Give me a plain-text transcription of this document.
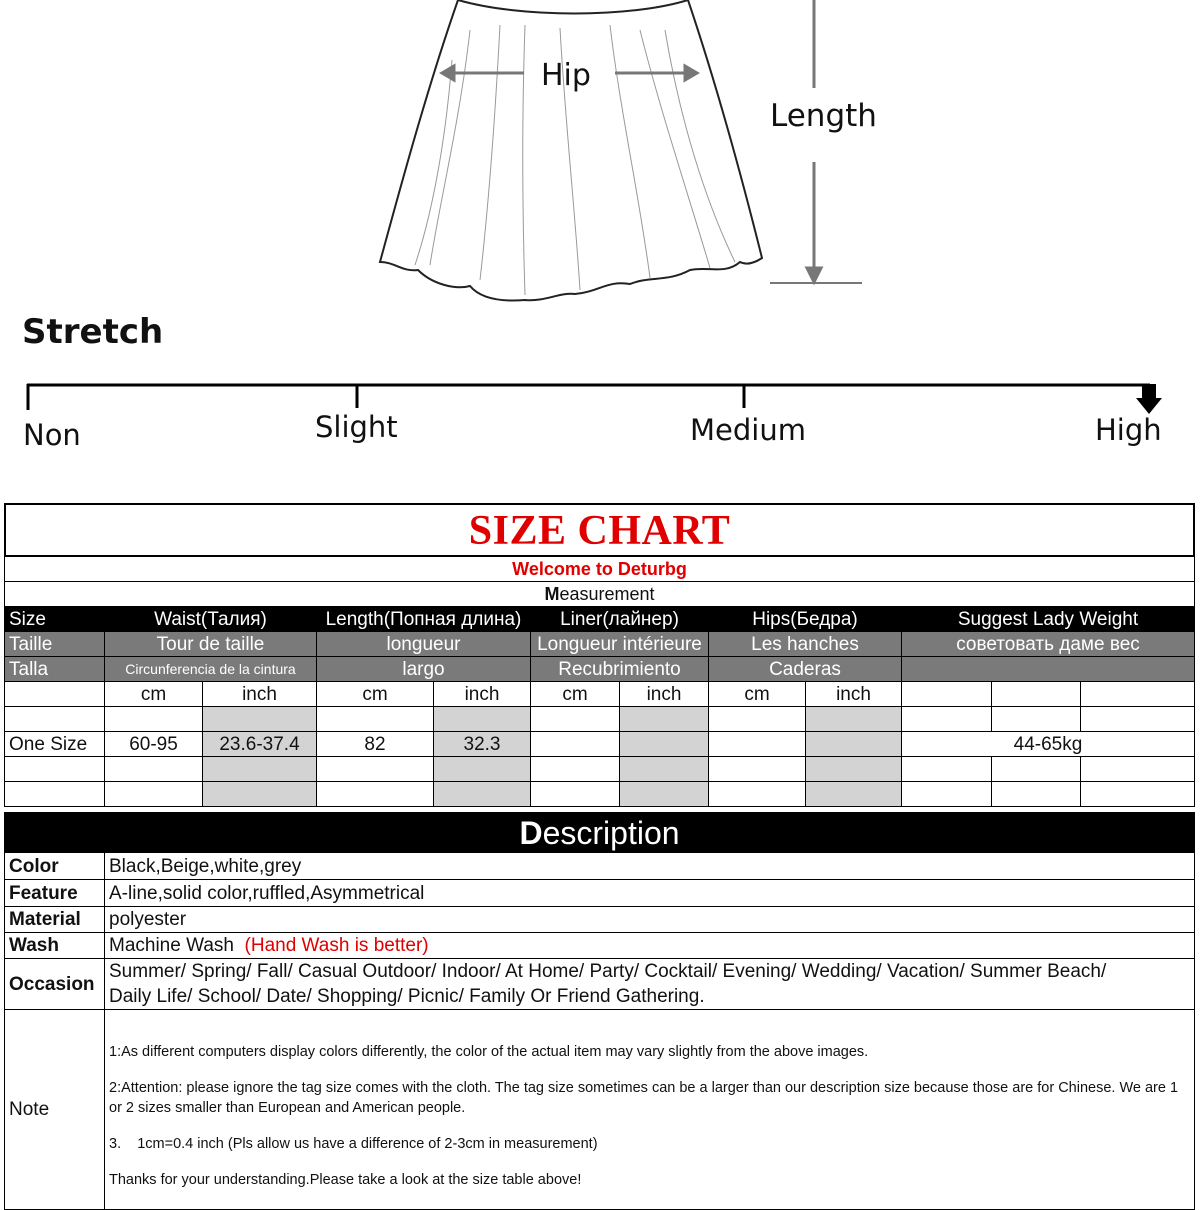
Hip
Length
Stretch
Non	Slight	Medium	High
SIZE CHART
Welcome to Deturbg											
Measurement											
Size	Waist(Талия)		Length(Попная длина)		Liner(лайнер)		Hips(Бедра)		Suggest Lady Weight		
Taille	Tour de taille		longueur		Longueur intérieure		Les hanches		советовать даме вес		
Talla	Circunferencia de la cintura		largo		Recubrimiento		Caderas				
	cm	inch	cm	inch	cm	inch	cm	inch			

One Size	60-95	23.6-37.4	82	32.3					44-65kg		

Description	
Color	Black,Beige,white,grey
Feature	A-line,solid color,ruffled,Asymmetrical
Material	polyester
Wash	Machine Wash (Hand Wash is better)
Occasion	Summer/ Spring/ Fall/ Casual Outdoor/ Indoor/ At Home/ Party/ Cocktail/ Evening/ Wedding/ Vacation/ Summer Beach/
Daily Life/ School/ Date/ Shopping/ Picnic/ Family Or Friend Gathering.

Note	1:As different computers display colors differently, the color of the actual item may vary slightly from the above images.

2:Attention: please ignore the tag size comes with the cloth. The tag size sometimes can be a larger than our description size because those are for Chinese. We are 1 or 2 sizes smaller than European and American people.

3.    1cm=0.4 inch (Pls allow us have a difference of 2-3cm in measurement)

Thanks for your understanding.Please take a look at the size table above!
